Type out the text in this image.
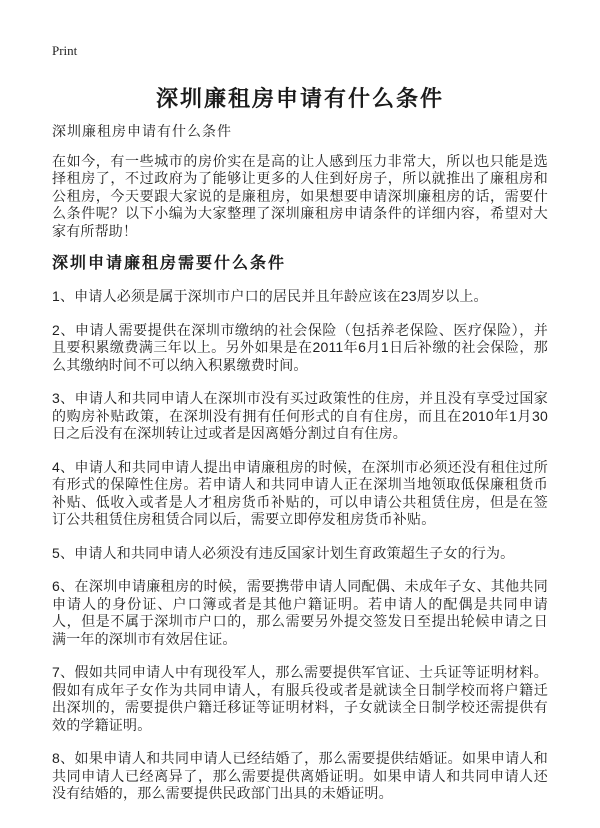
Print
深圳廉租房申请有什么条件

深圳廉租房申请有什么条件

在如今，有一些城市的房价实在是高的让人感到压力非常大，所以也只能是选择租房了，不过政府为了能够让更多的人住到好房子，所以就推出了廉租房和公租房，今天要跟大家说的是廉租房，如果想要申请深圳廉租房的话，需要什么条件呢？以下小编为大家整理了深圳廉租房申请条件的详细内容，希望对大家有所帮助！

深圳申请廉租房需要什么条件

1、申请人必须是属于深圳市户口的居民并且年龄应该在23周岁以上。

2、申请人需要提供在深圳市缴纳的社会保险（包括养老保险、医疗保险），并且要积累缴费满三年以上。另外如果是在2011年6月1日后补缴的社会保险，那么其缴纳时间不可以纳入积累缴费时间。

3、申请人和共同申请人在深圳市没有买过政策性的住房，并且没有享受过国家的购房补贴政策，在深圳没有拥有任何形式的自有住房，而且在2010年1月30日之后没有在深圳转让过或者是因离婚分割过自有住房。

4、申请人和共同申请人提出申请廉租房的时候，在深圳市必须还没有租住过所有形式的保障性住房。若申请人和共同申请人正在深圳当地领取低保廉租货币补贴、低收入或者是人才租房货币补贴的，可以申请公共租赁住房，但是在签订公共租赁住房租赁合同以后，需要立即停发租房货币补贴。

5、申请人和共同申请人必须没有违反国家计划生育政策超生子女的行为。

6、在深圳申请廉租房的时候，需要携带申请人同配偶、未成年子女、其他共同申请人的身份证、户口簿或者是其他户籍证明。若申请人的配偶是共同申请人，但是不属于深圳市户口的，那么需要另外提交签发日至提出轮候申请之日满一年的深圳市有效居住证。

7、假如共同申请人中有现役军人，那么需要提供军官证、士兵证等证明材料。假如有成年子女作为共同申请人，有服兵役或者是就读全日制学校而将户籍迁出深圳的，需要提供户籍迁移证等证明材料，子女就读全日制学校还需提供有效的学籍证明。

8、如果申请人和共同申请人已经结婚了，那么需要提供结婚证。如果申请人和共同申请人已经离异了，那么需要提供离婚证明。如果申请人和共同申请人还没有结婚的，那么需要提供民政部门出具的未婚证明。
